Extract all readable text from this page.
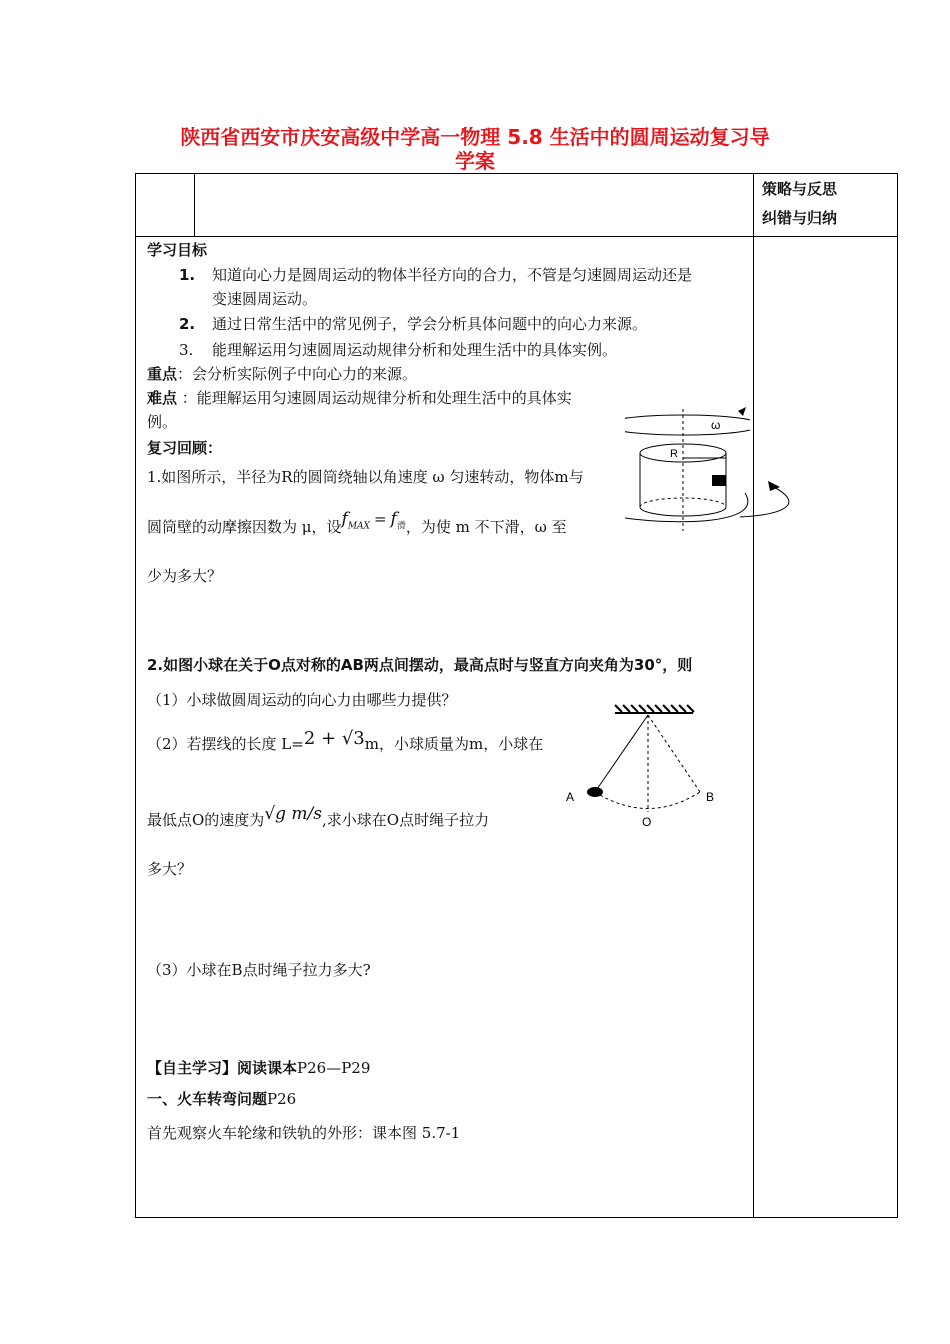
陕西省西安市庆安高级中学高一物理 5.8 生活中的圆周运动复习导
学案
策略与反思
纠错与归纳
学习目标
1. 知道向心力是圆周运动的物体半径方向的合力，不管是匀速圆周运动还是
变速圆周运动。
2. 通过日常生活中的常见例子，学会分析具体问题中的向心力来源。
3. 能理解运用匀速圆周运动规律分析和处理生活中的具体实例。
重点：会分析实际例子中向心力的来源。
难点 ：能理解运用匀速圆周运动规律分析和处理生活中的具体实
例。
复习回顾：
1.如图所示，半径为R的圆筒绕轴以角速度 ω 匀速转动，物体m与
圆筒壁的动摩擦因数为 μ，设$f_{MAX} = f_滑$，为使 m 不下滑，ω 至
少为多大？
ω
R
2.如图小球在关于O点对称的AB两点间摆动，最高点时与竖直方向夹角为30°，则
（1）小球做圆周运动的向心力由哪些力提供？
（2）若摆线的长度 L=2 + √3m，小球质量为m，小球在
最低点O的速度为√g m/s,求小球在O点时绳子拉力
多大？
（3）小球在B点时绳子拉力多大?
A	B
O
【自主学习】阅读课本P26—P29
一、火车转弯问题P26
首先观察火车轮缘和铁轨的外形：课本图 5.7-1
